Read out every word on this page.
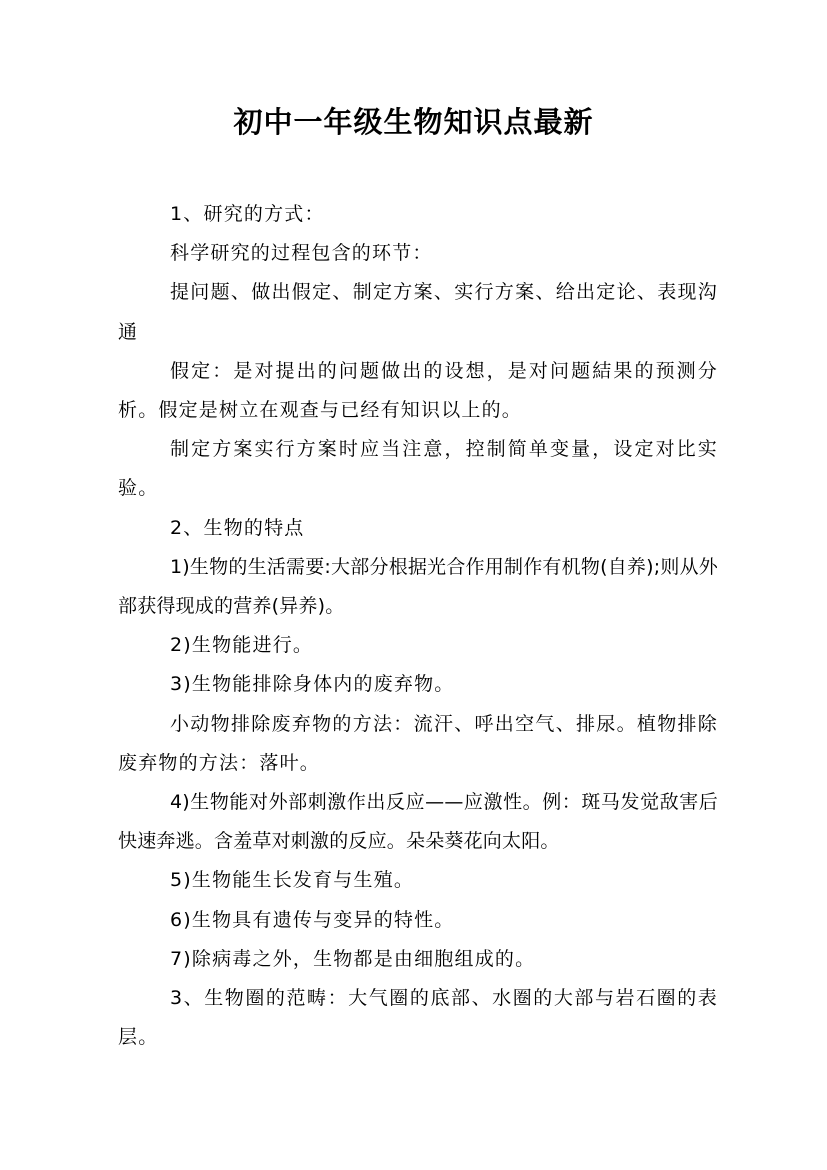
初中一年级生物知识点最新

1、研究的方式：

科学研究的过程包含的环节：

提问题、做出假定、制定方案、实行方案、给出定论、表现沟通

假定：是对提出的问题做出的设想，是对问题結果的预测分析。假定是树立在观查与已经有知识以上的。

制定方案实行方案时应当注意，控制简单变量，设定对比实验。

2、生物的特点

1)生物的生活需要:大部分根据光合作用制作有机物(自养);则从外部获得现成的营养(异养)。

2)生物能进行。

3)生物能排除身体内的废弃物。

小动物排除废弃物的方法：流汗、呼出空气、排尿。植物排除废弃物的方法：落叶。

4)生物能对外部刺激作出反应——应激性。例：斑马发觉敌害后快速奔逃。含羞草对刺激的反应。朵朵葵花向太阳。

5)生物能生长发育与生殖。

6)生物具有遗传与变异的特性。

7)除病毒之外，生物都是由细胞组成的。

3、生物圈的范畴：大气圈的底部、水圈的大部与岩石圈的表层。
